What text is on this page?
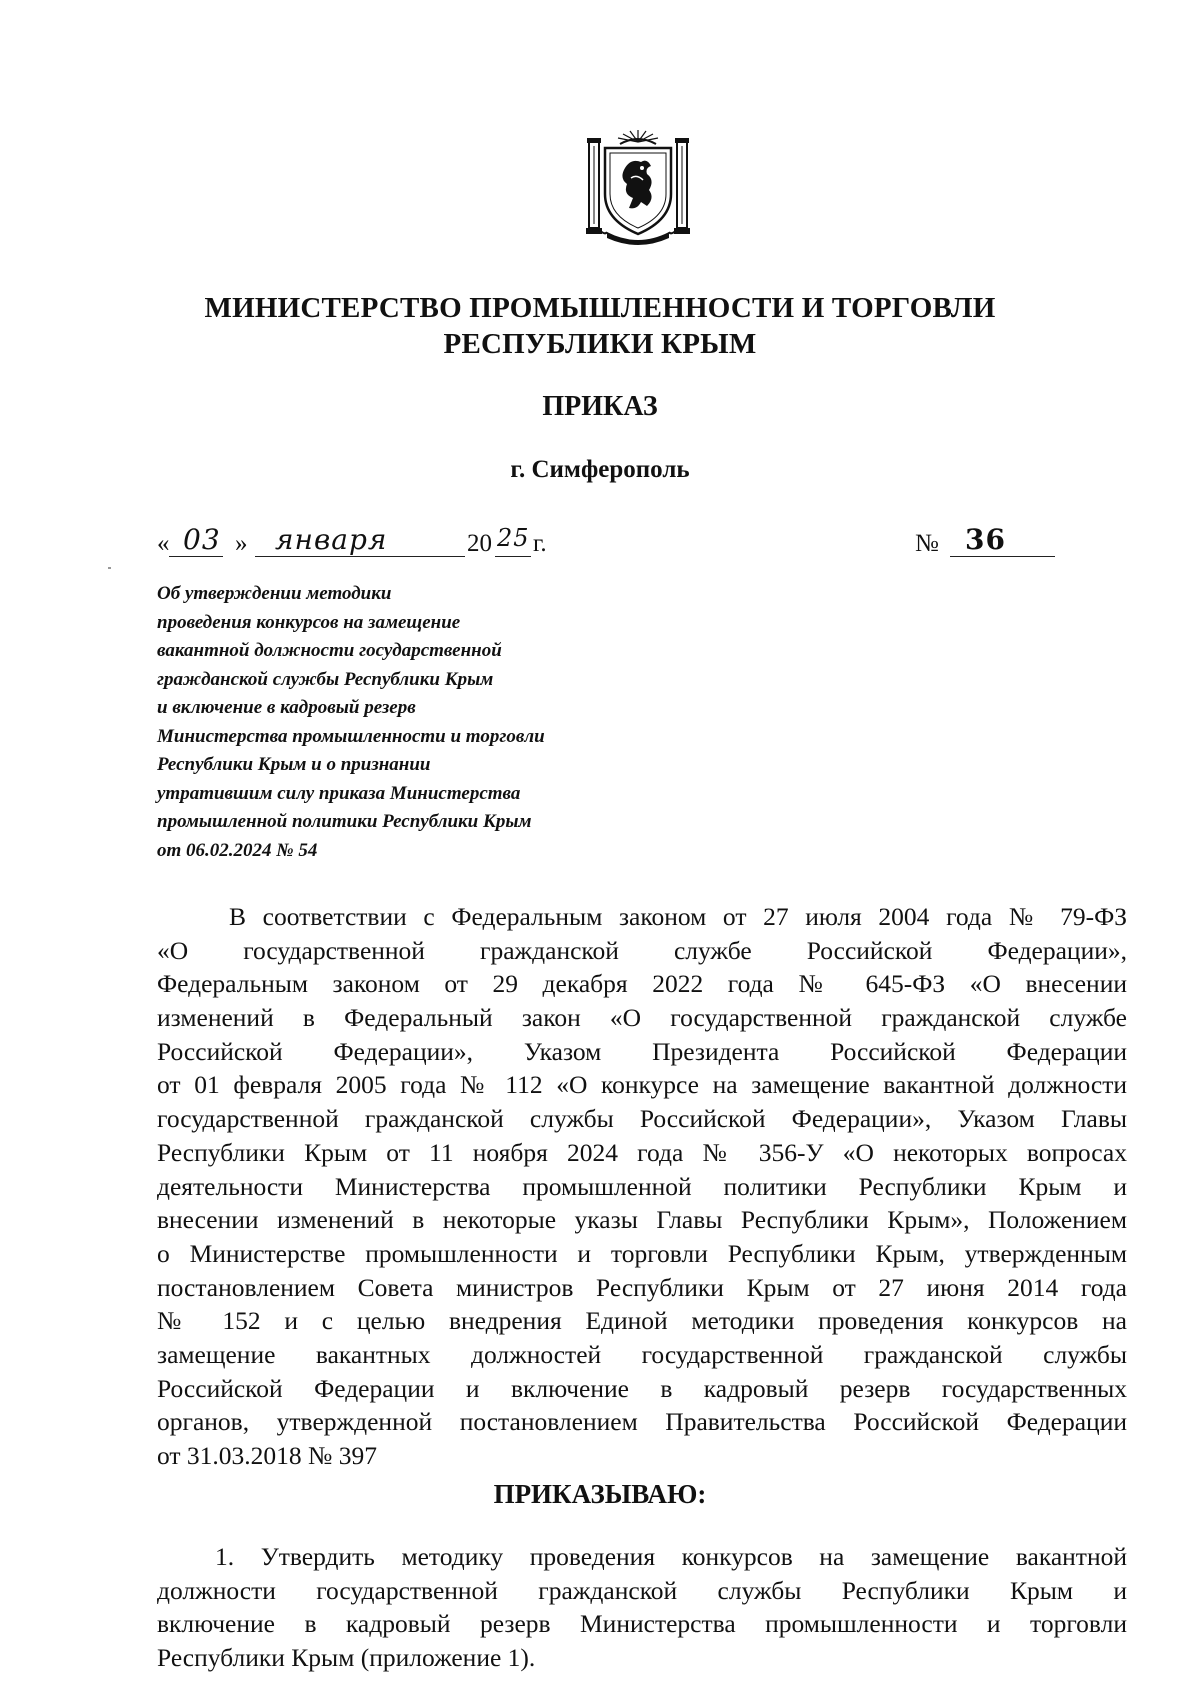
МИНИСТЕРСТВО ПРОМЫШЛЕННОСТИ И ТОРГОВЛИ
РЕСПУБЛИКИ КРЫМ
ПРИКАЗ
г. Симферополь
« 03 » января	20 25 г.	№ 36
Об утверждении методики
проведения конкурсов на замещение
вакантной должности государственной
гражданской службы Республики Крым
и включение в кадровый резерв
Министерства промышленности и торговли
Республики Крым и о признании
утратившим силу приказа Министерства
промышленной политики Республики Крым
от 06.02.2024 № 54
В соответствии с Федеральным законом от 27 июля 2004 года № 79-ФЗ
«О государственной гражданской службе Российской Федерации»,
Федеральным законом от 29 декабря 2022 года № 645-ФЗ «О внесении
изменений в Федеральный закон «О государственной гражданской службе
Российской Федерации», Указом Президента Российской Федерации
от 01 февраля 2005 года № 112 «О конкурсе на замещение вакантной должности
государственной гражданской службы Российской Федерации», Указом Главы
Республики Крым от 11 ноября 2024 года № 356-У «О некоторых вопросах
деятельности Министерства промышленной политики Республики Крым и
внесении изменений в некоторые указы Главы Республики Крым», Положением
о Министерстве промышленности и торговли Республики Крым, утвержденным
постановлением Совета министров Республики Крым от 27 июня 2014 года
№ 152 и с целью внедрения Единой методики проведения конкурсов на
замещение вакантных должностей государственной гражданской службы
Российской Федерации и включение в кадровый резерв государственных
органов, утвержденной постановлением Правительства Российской Федерации
от 31.03.2018 № 397
ПРИКАЗЫВАЮ:
1. Утвердить методику проведения конкурсов на замещение вакантной
должности государственной гражданской службы Республики Крым и
включение в кадровый резерв Министерства промышленности и торговли
Республики Крым (приложение 1).
